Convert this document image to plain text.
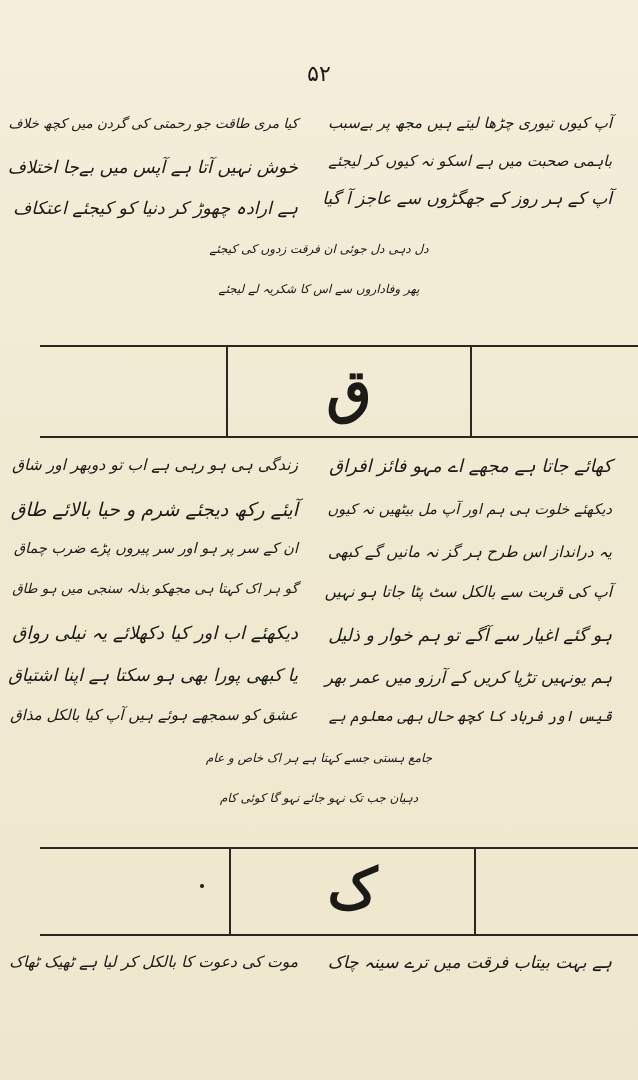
۵۲
آپ کیوں تیوری چڑھا لیتے ہیں مجھ پر بےسبب
باہمی صحبت میں ہے اسکو نہ کیوں کر لیجئے
آپ کے ہر روز کے جھگڑوں سے عاجز آ گیا
کیا مری طاقت جو رحمتی کی گردن میں کچھ خلاف
خوش نہیں آتا ہے آپس میں بےجا اختلاف
ہے ارادہ چھوڑ کر دنیا کو کیجئے اعتکاف
دل دہی دل جوئی ان فرقت زدوں کی کیجئے
پھر وفاداروں سے اس کا شکریہ لے لیجئے
ق
کھائے جاتا ہے مجھے اے مہو فائز افراق
دیکھئے خلوت ہی ہم اور آپ مل بیٹھیں نہ کیوں
یہ درانداز اس طرح ہر گز نہ مانیں گے کبھی
آپ کی قربت سے بالکل سٹ پٹا جاتا ہو نہیں
ہو گئے اغیار سے آگے تو ہم خوار و ذلیل
ہم یونہیں تڑپا کریں کے آرزو میں عمر بھر
قیس اور فرہاد کا کچھ حال بھی معلوم ہے
زندگی ہی ہو رہی ہے اب تو دوبھر اور شاق
آیئے رکھ دیجئے شرم و حیا بالائے طاق
ان کے سر پر ہو اور سر پیروں پڑے ضرب چماق
گو ہر اک کہتا ہی مجھکو بذلہ سنجی میں ہو طاق
دیکھئے اب اور کیا دکھلائے یہ نیلی رواق
یا کبھی پورا بھی ہو سکتا ہے اپنا اشتیاق
عشق کو سمجھے ہوئے ہیں آپ کیا بالکل مذاق
جامع ہستی جسے کہتا ہے ہر اک خاص و عام
دہیان جب تک نہو جائے نہو گا کوئی کام
ک
ہے بہت بیتاب فرقت میں ترے سینہ چاک
موت کی دعوت کا بالکل کر لیا ہے ٹھیک ٹھاک
